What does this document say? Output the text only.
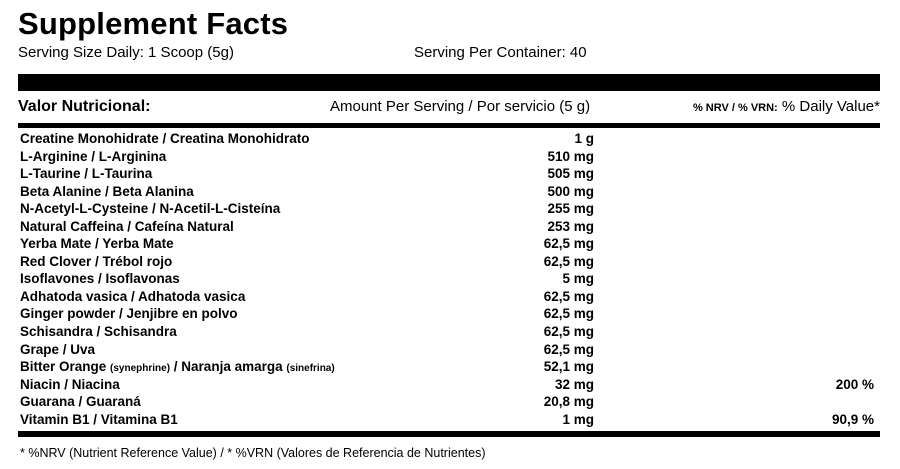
Supplement Facts
Serving Size Daily: 1 Scoop (5g)	Serving Per Container: 40
Valor Nutricional:	Amount Per Serving / Por servicio (5 g)	% NRV / % VRN: % Daily Value*
Creatine Monohidrate / Creatina Monohidrato	1 g
L-Arginine / L-Arginina	510 mg
L-Taurine / L-Taurina	505 mg
Beta Alanine / Beta Alanina	500 mg
N-Acetyl-L-Cysteine / N-Acetil-L-Cisteína	255 mg
Natural Caffeina / Cafeína Natural	253 mg
Yerba Mate / Yerba Mate	62,5 mg
Red Clover / Trébol rojo	62,5 mg
Isoflavones / Isoflavonas	5 mg
Adhatoda vasica / Adhatoda vasica	62,5 mg
Ginger powder / Jenjibre en polvo	62,5 mg
Schisandra / Schisandra	62,5 mg
Grape / Uva	62,5 mg
Bitter Orange (synephrine) / Naranja amarga (sinefrina)	52,1 mg
Niacin / Niacina	32 mg	200 %
Guarana / Guaraná	20,8 mg
Vitamin B1 / Vitamina B1	1 mg	90,9 %
* %NRV (Nutrient Reference Value) / * %VRN (Valores de Referencia de Nutrientes)
